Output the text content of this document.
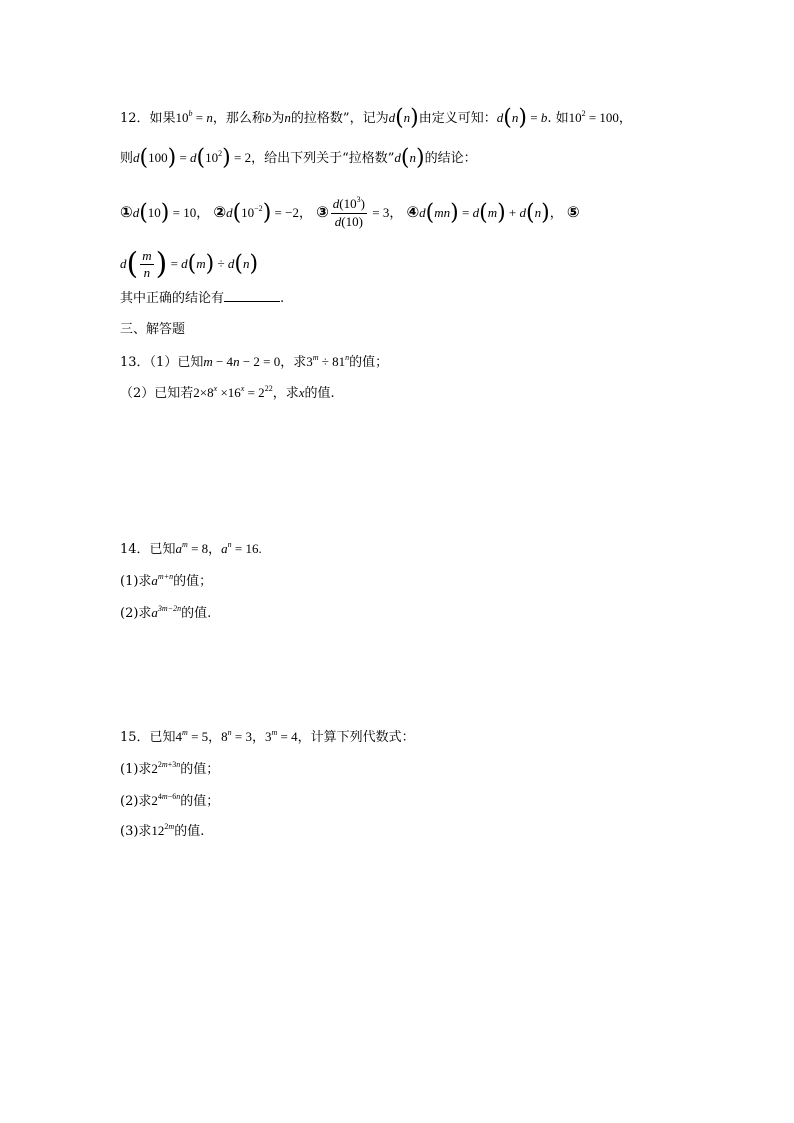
12．如果$10^b = n$，那么称b为n的拉格数”，记为d(n)由定义可知：d(n) = b. 如$10^2 = 100$，
则$d(100) = d(10^2) = 2$，给出下列关于“拉格数”d(n)的结论：
①d(10) = 10， $②d(10^{-2}) = -2$， ③ $\frac{d(10^3)}{d(10)} = 3$， ④d(mn) = d(m) + d(n)， ⑤
$d( \frac{m}{n}$ ) = d(m) ÷ d(n)
其中正确的结论有	.
三、解答题
13．（1）已知m − 4n − 2 = 0，求$3^m \div 81^n$的值；
（2）已知若$2\times 8^x \times 16^x = 2^{22}$，求x的值.
14．已知$a^m = 8$，$a^n = 16$.
(1)求$a^{m+n}$的值；
(2)求$a^{3m-2n}$的值.
15．已知$4^m = 5$，$8^n = 3$，$3^m = 4$，计算下列代数式：
(1)求$2^{2m+3n}$的值；
(2)求$2^{4m-6n}$的值；
(3)求$12^{2m}$的值.
